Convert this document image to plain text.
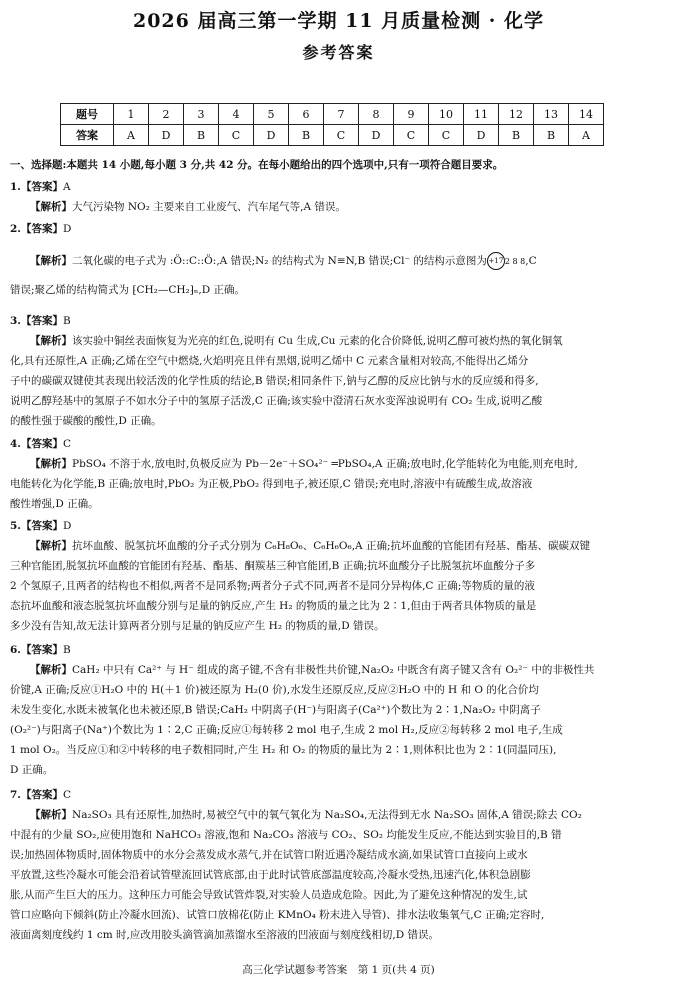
2026 届高三第一学期 11 月质量检测 · 化学
参考答案
题号	1	2	3	4	5	6	7	8	9	10	11	12	13	14
答案	A	D	B	C	D	B	C	D	C	C	D	B	B	A
一、选择题:本题共 14 小题,每小题 3 分,共 42 分。在每小题给出的四个选项中,只有一项符合题目要求。
1.【答案】A
【解析】大气污染物 NO₂ 主要来自工业废气、汽车尾气等,A 错误。
2.【答案】D
【解析】二氧化碳的电子式为 :Ö::C::Ö:,A 错误;N₂ 的结构式为 N≡N,B 错误;Cl⁻ 的结构示意图为 +17 2 8 8,C
错误;聚乙烯的结构简式为 ⁅CH₂—CH₂⁆ₙ,D 正确。
3.【答案】B
【解析】该实验中铜丝表面恢复为光亮的红色,说明有 Cu 生成,Cu 元素的化合价降低,说明乙醇可被灼热的氧化铜氧
化,具有还原性,A 正确;乙烯在空气中燃烧,火焰明亮且伴有黑烟,说明乙烯中 C 元素含量相对较高,不能得出乙烯分
子中的碳碳双键使其表现出较活泼的化学性质的结论,B 错误;相同条件下,钠与乙醇的反应比钠与水的反应缓和得多,
说明乙醇羟基中的氢原子不如水分子中的氢原子活泼,C 正确;该实验中澄清石灰水变浑浊说明有 CO₂ 生成,说明乙酸
的酸性强于碳酸的酸性,D 正确。
4.【答案】C
【解析】PbSO₄ 不溶于水,放电时,负极反应为 Pb－2e⁻＋SO₄²⁻ ═PbSO₄,A 正确;放电时,化学能转化为电能,则充电时,
电能转化为化学能,B 正确;放电时,PbO₂ 为正极,PbO₂ 得到电子,被还原,C 错误;充电时,溶液中有硫酸生成,故溶液
酸性增强,D 正确。
5.【答案】D
【解析】抗坏血酸、脱氢抗坏血酸的分子式分别为 C₆H₈O₆、C₆H₆O₆,A 正确;抗坏血酸的官能团有羟基、酯基、碳碳双键
三种官能团,脱氢抗坏血酸的官能团有羟基、酯基、酮羰基三种官能团,B 正确;抗坏血酸分子比脱氢抗坏血酸分子多
2 个氢原子,且两者的结构也不相似,两者不是同系物;两者分子式不同,两者不是同分异构体,C 正确;等物质的量的液
态抗坏血酸和液态脱氢抗坏血酸分别与足量的钠反应,产生 H₂ 的物质的量之比为 2∶1,但由于两者具体物质的量是
多少没有告知,故无法计算两者分别与足量的钠反应产生 H₂ 的物质的量,D 错误。
6.【答案】B
【解析】CaH₂ 中只有 Ca²⁺ 与 H⁻ 组成的离子键,不含有非极性共价键,Na₂O₂ 中既含有离子键又含有 O₂²⁻ 中的非极性共
价键,A 正确;反应①H₂O 中的 H(＋1 价)被还原为 H₂(0 价),水发生还原反应,反应②H₂O 中的 H 和 O 的化合价均
未发生变化,水既未被氧化也未被还原,B 错误;CaH₂ 中阴离子(H⁻)与阳离子(Ca²⁺)个数比为 2∶1,Na₂O₂ 中阴离子
(O₂²⁻)与阳离子(Na⁺)个数比为 1∶2,C 正确;反应①每转移 2 mol 电子,生成 2 mol H₂,反应②每转移 2 mol 电子,生成
1 mol O₂。当反应①和②中转移的电子数相同时,产生 H₂ 和 O₂ 的物质的量比为 2∶1,则体积比也为 2∶1(同温同压),
D 正确。
7.【答案】C
【解析】Na₂SO₃ 具有还原性,加热时,易被空气中的氧气氧化为 Na₂SO₄,无法得到无水 Na₂SO₃ 固体,A 错误;除去 CO₂
中混有的少量 SO₂,应使用饱和 NaHCO₃ 溶液,饱和 Na₂CO₃ 溶液与 CO₂、SO₂ 均能发生反应,不能达到实验目的,B 错
误;加热固体物质时,固体物质中的水分会蒸发成水蒸气,并在试管口附近遇冷凝结成水滴,如果试管口直接向上或水
平放置,这些冷凝水可能会沿着试管壁流回试管底部,由于此时试管底部温度较高,冷凝水受热,迅速汽化,体积急剧膨
胀,从而产生巨大的压力。这种压力可能会导致试管炸裂,对实验人员造成危险。因此,为了避免这种情况的发生,试
管口应略向下倾斜(防止冷凝水回流)、试管口放棉花(防止 KMnO₄ 粉末进入导管)、排水法收集氧气,C 正确;定容时,
液面离刻度线约 1 cm 时,应改用胶头滴管滴加蒸馏水至溶液的凹液面与刻度线相切,D 错误。
高三化学试题参考答案　第 1 页(共 4 页)
